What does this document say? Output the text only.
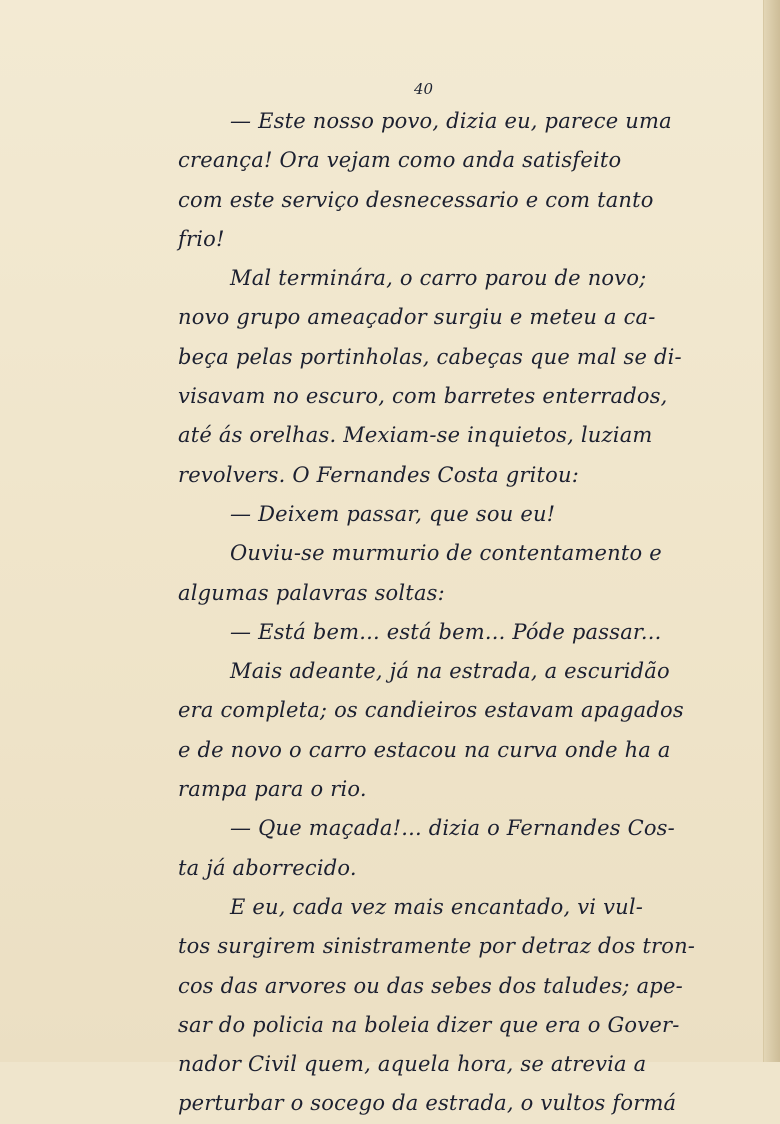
40
— Este nosso povo, dizia eu, parece uma
creança! Ora vejam como anda satisfeito
com este serviço desnecessario e com tanto
frio!
Mal terminára, o carro parou de novo;
novo grupo ameaçador surgiu e meteu a ca-
beça pelas portinholas, cabeças que mal se di-
visavam no escuro, com barretes enterrados,
até ás orelhas. Mexiam-se inquietos, luziam
revolvers. O Fernandes Costa gritou:
— Deixem passar, que sou eu!
Ouviu-se murmurio de contentamento e
algumas palavras soltas:
— Está bem... está bem... Póde passar...
Mais adeante, já na estrada, a escuridão
era completa; os candieiros estavam apagados
e de novo o carro estacou na curva onde ha a
rampa para o rio.
— Que maçada!... dizia o Fernandes Cos-
ta já aborrecido.
E eu, cada vez mais encantado, vi vul-
tos surgirem sinistramente por detraz dos tron-
cos das arvores ou das sebes dos taludes; ape-
sar do policia na boleia dizer que era o Gover-
nador Civil quem, aquela hora, se atrevia a
perturbar o socego da estrada, o vultos formá
